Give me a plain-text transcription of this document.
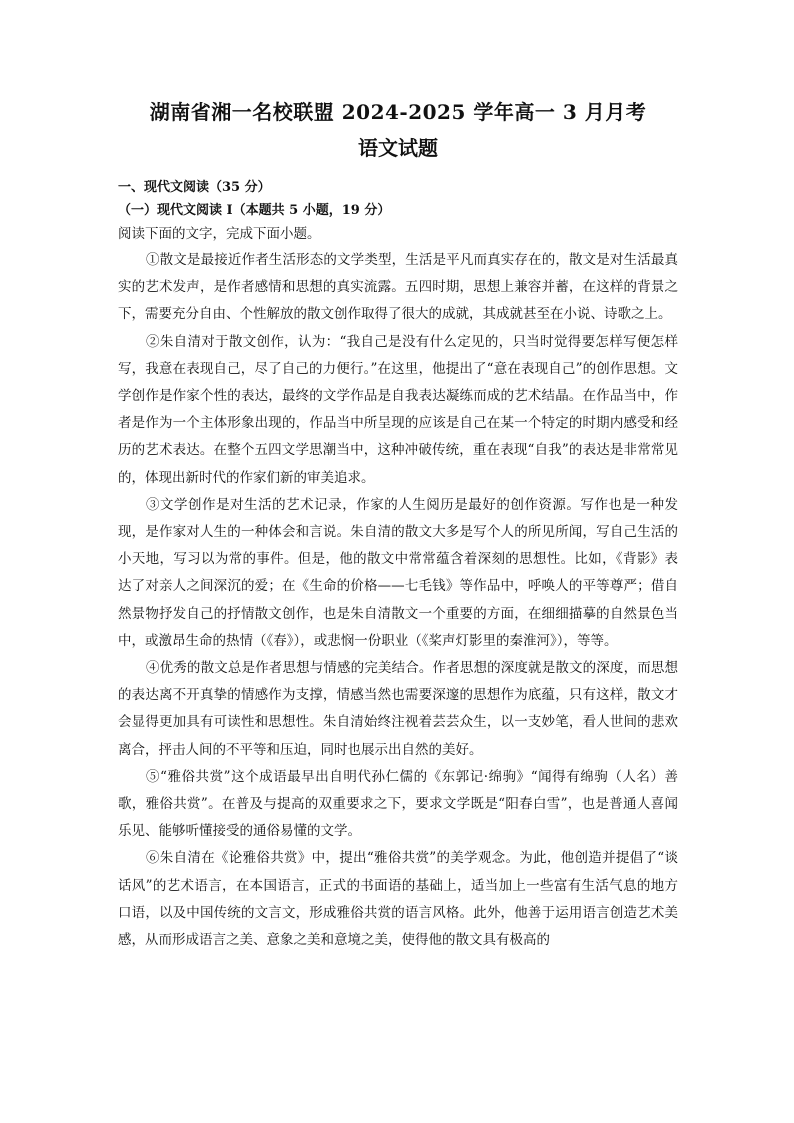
湖南省湘一名校联盟 2024-2025 学年高一 3 月月考
语文试题
一、现代文阅读（35 分）
（一）现代文阅读 I（本题共 5 小题，19 分）
阅读下面的文字，完成下面小题。

①散文是最接近作者生活形态的文学类型，生活是平凡而真实存在的，散文是对生活最真实的艺术发声，是作者感情和思想的真实流露。五四时期，思想上兼容并蓄，在这样的背景之下，需要充分自由、个性解放的散文创作取得了很大的成就，其成就甚至在小说、诗歌之上。

②朱自清对于散文创作，认为：“我自己是没有什么定见的，只当时觉得要怎样写便怎样写，我意在表现自己，尽了自己的力便行。”在这里，他提出了“意在表现自己”的创作思想。文学创作是作家个性的表达，最终的文学作品是自我表达凝练而成的艺术结晶。在作品当中，作者是作为一个主体形象出现的，作品当中所呈现的应该是自己在某一个特定的时期内感受和经历的艺术表达。在整个五四文学思潮当中，这种冲破传统，重在表现“自我”的表达是非常常见的，体现出新时代的作家们新的审美追求。

③文学创作是对生活的艺术记录，作家的人生阅历是最好的创作资源。写作也是一种发现，是作家对人生的一种体会和言说。朱自清的散文大多是写个人的所见所闻，写自己生活的小天地，写习以为常的事件。但是，他的散文中常常蕴含着深刻的思想性。比如，《背影》表达了对亲人之间深沉的爱；在《生命的价格——七毛钱》等作品中，呼唤人的平等尊严；借自然景物抒发自己的抒情散文创作，也是朱自清散文一个重要的方面，在细细描摹的自然景色当中，或激昂生命的热情（《春》），或悲悯一份职业（《桨声灯影里的秦淮河》），等等。

④优秀的散文总是作者思想与情感的完美结合。作者思想的深度就是散文的深度，而思想的表达离不开真挚的情感作为支撑，情感当然也需要深邃的思想作为底蕴，只有这样，散文才会显得更加具有可读性和思想性。朱自清始终注视着芸芸众生，以一支妙笔，看人世间的悲欢离合，抨击人间的不平等和压迫，同时也展示出自然的美好。

⑤“雅俗共赏”这个成语最早出自明代孙仁儒的《东郭记·绵驹》“闻得有绵驹（人名）善歌，雅俗共赏”。在普及与提高的双重要求之下，要求文学既是“阳春白雪”，也是普通人喜闻乐见、能够听懂接受的通俗易懂的文学。

⑥朱自清在《论雅俗共赏》中，提出“雅俗共赏”的美学观念。为此，他创造并提倡了“谈话风”的艺术语言，在本国语言，正式的书面语的基础上，适当加上一些富有生活气息的地方口语，以及中国传统的文言文，形成雅俗共赏的语言风格。此外，他善于运用语言创造艺术美感，从而形成语言之美、意象之美和意境之美，使得他的散文具有极高的
